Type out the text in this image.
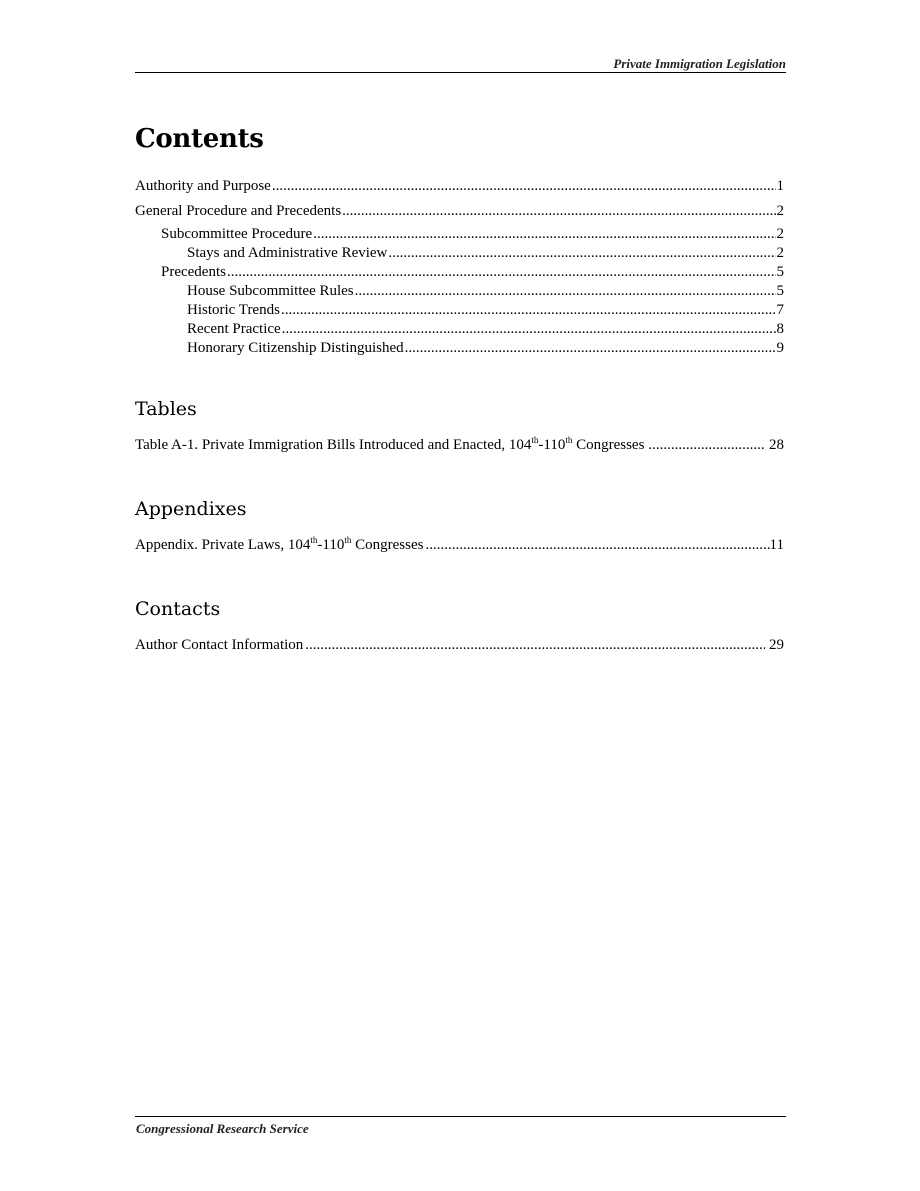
Private Immigration Legislation
Contents
Authority and Purpose .....	1
General Procedure and Precedents .....	2
Subcommittee Procedure .....	2
Stays and Administrative Review .....	2
Precedents .....	5
House Subcommittee Rules .....	5
Historic Trends .....	7
Recent Practice .....	8
Honorary Citizenship Distinguished .....	9
Tables
Table A-1. Private Immigration Bills Introduced and Enacted, 104th-110th Congresses .....	28
Appendixes
Appendix. Private Laws, 104th-110th Congresses .....	11
Contacts
Author Contact Information .....	29
Congressional Research Service
